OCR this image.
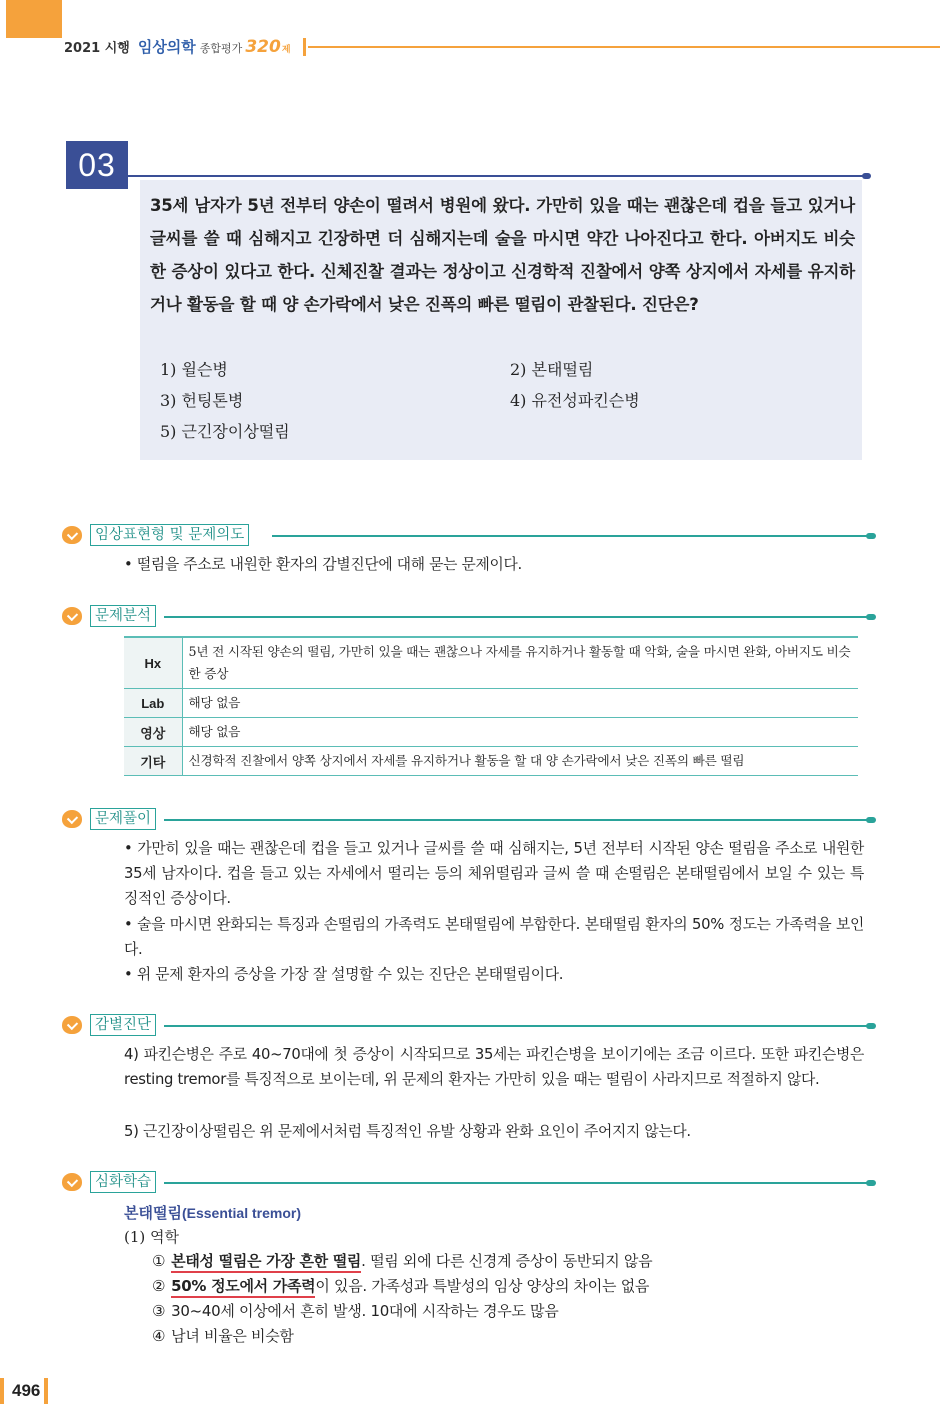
2021 시행 임상의학 종합평가 320 제
03
35세 남자가 5년 전부터 양손이 떨려서 병원에 왔다. 가만히 있을 때는 괜찮은데 컵을 들고 있거나 글씨를 쓸 때 심해지고 긴장하면 더 심해지는데 술을 마시면 약간 나아진다고 한다. 아버지도 비슷한 증상이 있다고 한다. 신체진찰 결과는 정상이고 신경학적 진찰에서 양쪽 상지에서 자세를 유지하거나 활동을 할 때 양 손가락에서 낮은 진폭의 빠른 떨림이 관찰된다. 진단은?
1) 윌슨병	2) 본태떨림
3) 헌팅톤병	4) 유전성파킨슨병
5) 근긴장이상떨림
임상표현형 및 문제의도
• 떨림을 주소로 내원한 환자의 감별진단에 대해 묻는 문제이다.
문제분석
Hx	5년 전 시작된 양손의 떨림, 가만히 있을 때는 괜찮으나 자세를 유지하거나 활동할 때 악화, 술을 마시면 완화, 아버지도 비슷한 증상
Lab	해당 없음
영상	해당 없음
기타	신경학적 진찰에서 양쪽 상지에서 자세를 유지하거나 활동을 할 대 양 손가락에서 낮은 진폭의 빠른 떨림
문제풀이
• 가만히 있을 때는 괜찮은데 컵을 들고 있거나 글씨를 쓸 때 심해지는, 5년 전부터 시작된 양손 떨림을 주소로 내원한 35세 남자이다. 컵을 들고 있는 자세에서 떨리는 등의 체위떨림과 글씨 쓸 때 손떨림은 본태떨림에서 보일 수 있는 특징적인 증상이다.
• 술을 마시면 완화되는 특징과 손떨림의 가족력도 본태떨림에 부합한다. 본태떨림 환자의 50% 정도는 가족력을 보인다.
• 위 문제 환자의 증상을 가장 잘 설명할 수 있는 진단은 본태떨림이다.
감별진단
4) 파킨슨병은 주로 40~70대에 첫 증상이 시작되므로 35세는 파킨슨병을 보이기에는 조금 이르다. 또한 파킨슨병은 resting tremor를 특징적으로 보이는데, 위 문제의 환자는 가만히 있을 때는 떨림이 사라지므로 적절하지 않다.
5) 근긴장이상떨림은 위 문제에서처럼 특징적인 유발 상황과 완화 요인이 주어지지 않는다.
심화학습
본태떨림(Essential tremor)
(1) 역학
① 본태성 떨림은 가장 흔한 떨림. 떨림 외에 다른 신경계 증상이 동반되지 않음
② 50% 정도에서 가족력이 있음. 가족성과 특발성의 임상 양상의 차이는 없음
③ 30~40세 이상에서 흔히 발생. 10대에 시작하는 경우도 많음
④ 남녀 비율은 비슷함
496
